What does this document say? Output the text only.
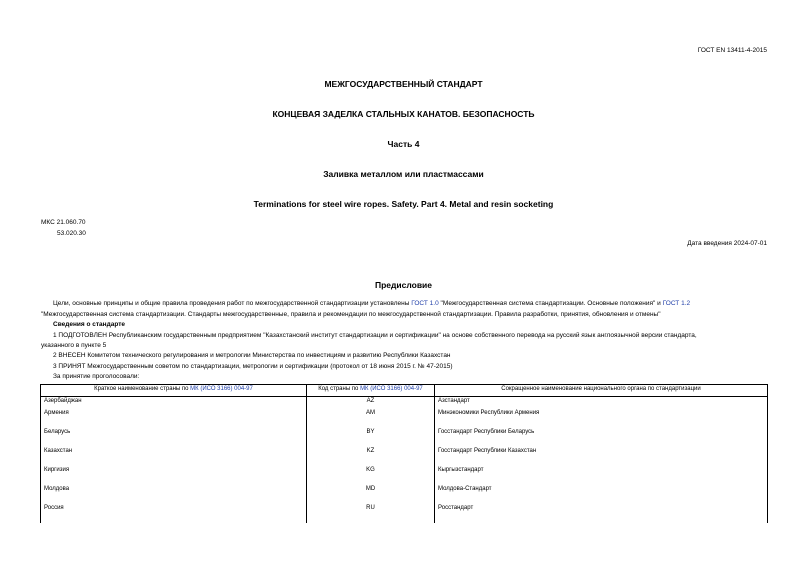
ГОСТ EN 13411-4-2015
МЕЖГОСУДАРСТВЕННЫЙ СТАНДАРТ
КОНЦЕВАЯ ЗАДЕЛКА СТАЛЬНЫХ КАНАТОВ. БЕЗОПАСНОСТЬ
Часть 4
Заливка металлом или пластмассами
Terminations for steel wire ropes. Safety. Part 4. Metal and resin socketing
МКС 21.060.70
53.020.30
Дата введения 2024-07-01
Предисловие
Цели, основные принципы и общие правила проведения работ по межгосударственной стандартизации установлены ГОСТ 1.0 "Межгосударственная система стандартизации. Основные положения" и ГОСТ 1.2
"Межгосударственная система стандартизации. Стандарты межгосударственные, правила и рекомендации по межгосударственной стандартизации. Правила разработки, принятия, обновления и отмены"
Сведения о стандарте
1 ПОДГОТОВЛЕН Республиканским государственным предприятием "Казахстанский институт стандартизации и сертификации" на основе собственного перевода на русский язык англоязычной версии стандарта,
указанного в пункте 5
2 ВНЕСЕН Комитетом технического регулирования и метрологии Министерства по инвестициям и развитию Республики Казахстан
3 ПРИНЯТ Межгосударственным советом по стандартизации, метрологии и сертификации (протокол от 18 июня 2015 г. № 47-2015)
За принятие проголосовали:
Краткое наименование страны по МК (ИСО 3166) 004-97	Код страны по МК (ИСО 3166) 004-97	Сокращенное наименование национального органа по стандартизации
Азербайджан	AZ	Азстандарт
Армения	AM	Минэкономики Республики Армения
Беларусь	BY	Госстандарт Республики Беларусь
Казахстан	KZ	Госстандарт Республики Казахстан
Киргизия	KG	Кыргызстандарт
Молдова	MD	Молдова-Стандарт
Россия	RU	Росстандарт
